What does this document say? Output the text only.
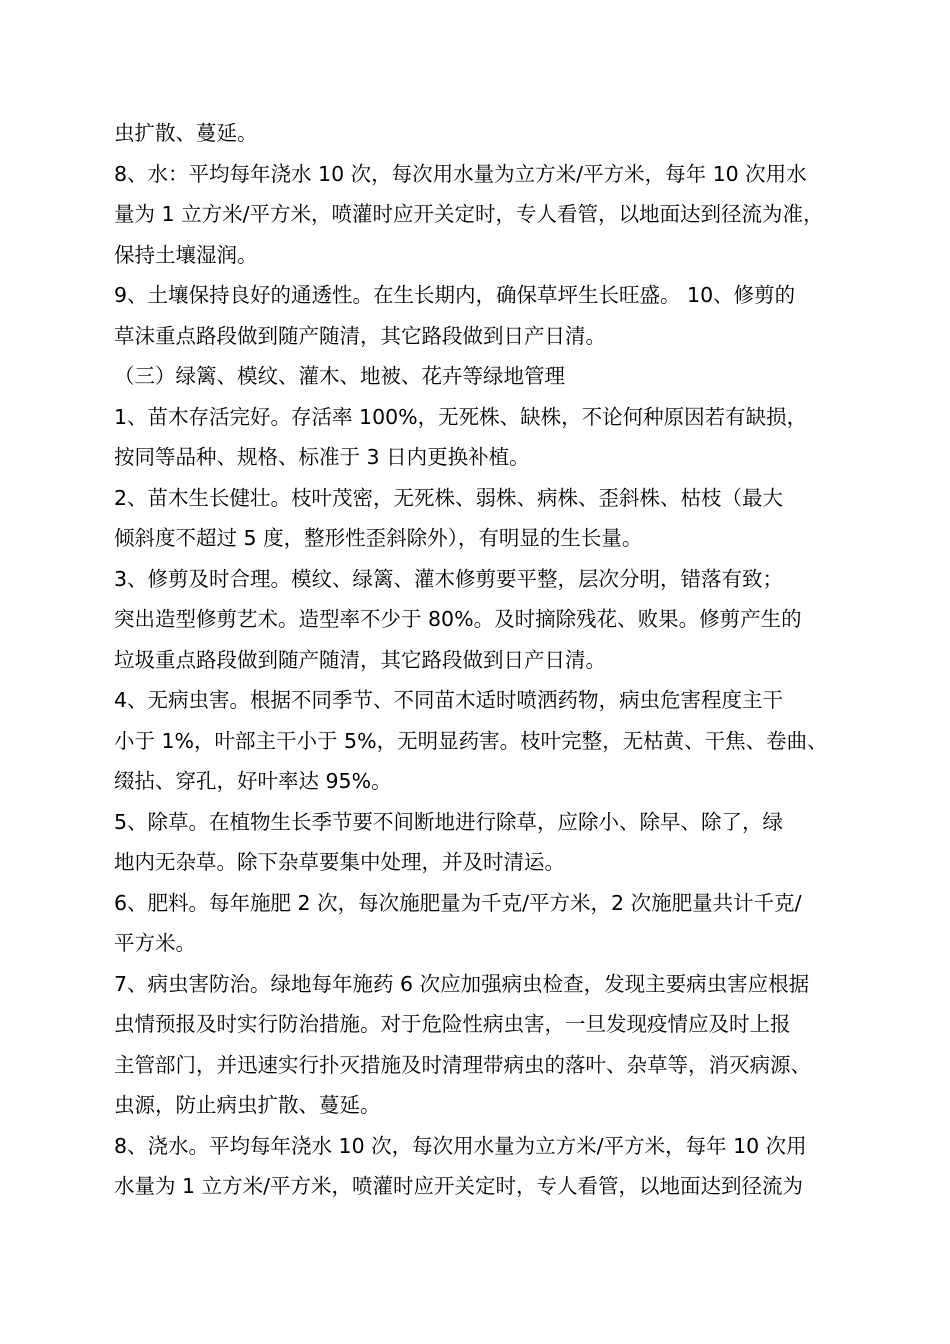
虫扩散、蔓延。
8、水：平均每年浇水 10 次，每次用水量为立方米/平方米，每年 10 次用水
量为 1 立方米/平方米，喷灌时应开关定时，专人看管，以地面达到径流为准，
保持土壤湿润。
9、土壤保持良好的通透性。在生长期内，确保草坪生长旺盛。 10、修剪的
草沫重点路段做到随产随清，其它路段做到日产日清。
（三）绿篱、模纹、灌木、地被、花卉等绿地管理
1、苗木存活完好。存活率 100%，无死株、缺株，不论何种原因若有缺损，
按同等品种、规格、标准于 3 日内更换补植。
2、苗木生长健壮。枝叶茂密，无死株、弱株、病株、歪斜株、枯枝（最大
倾斜度不超过 5 度，整形性歪斜除外），有明显的生长量。
3、修剪及时合理。模纹、绿篱、灌木修剪要平整，层次分明，错落有致；
突出造型修剪艺术。造型率不少于 80%。及时摘除残花、败果。修剪产生的
垃圾重点路段做到随产随清，其它路段做到日产日清。
4、无病虫害。根据不同季节、不同苗木适时喷洒药物，病虫危害程度主干
小于 1%，叶部主干小于 5%，无明显药害。枝叶完整，无枯黄、干焦、卷曲、
缀拈、穿孔，好叶率达 95%。
5、除草。在植物生长季节要不间断地进行除草，应除小、除早、除了，绿
地内无杂草。除下杂草要集中处理，并及时清运。
6、肥料。每年施肥 2 次，每次施肥量为千克/平方米，2 次施肥量共计千克/
平方米。
7、病虫害防治。绿地每年施药 6 次应加强病虫检查，发现主要病虫害应根据
虫情预报及时实行防治措施。对于危险性病虫害，一旦发现疫情应及时上报
主管部门，并迅速实行扑灭措施及时清理带病虫的落叶、杂草等，消灭病源、
虫源，防止病虫扩散、蔓延。
8、浇水。平均每年浇水 10 次，每次用水量为立方米/平方米，每年 10 次用
水量为 1 立方米/平方米，喷灌时应开关定时，专人看管，以地面达到径流为
